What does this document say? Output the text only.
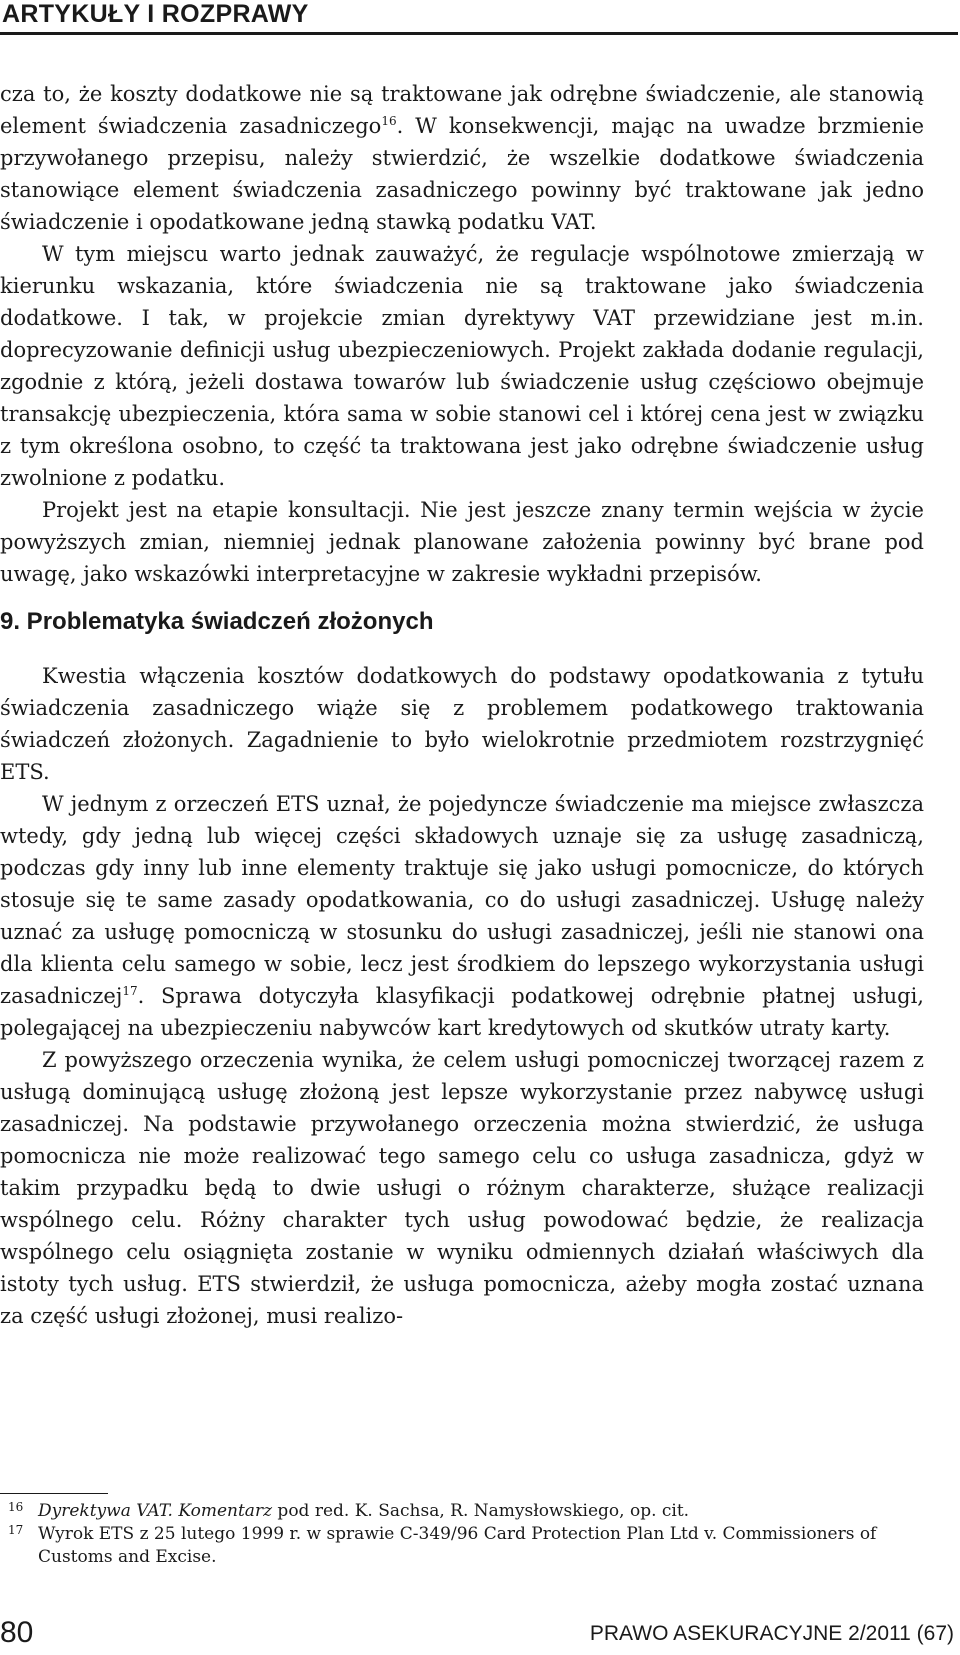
ARTYKUŁY I ROZPRAWY

cza to, że koszty dodatkowe nie są traktowane jak odrębne świadczenie, ale stanowią element świadczenia zasadniczego$^{16}$. W konsekwencji, mając na uwadze brzmienie przywołanego przepisu, należy stwierdzić, że wszelkie dodatkowe świadczenia stanowiące element świadczenia zasadniczego powinny być traktowane jak jedno świadczenie i opodatkowane jedną stawką podatku VAT.

W tym miejscu warto jednak zauważyć, że regulacje wspólnotowe zmierzają w kierunku wskazania, które świadczenia nie są traktowane jako świadczenia dodatkowe. I tak, w projekcie zmian dyrektywy VAT przewidziane jest m.in. doprecyzowanie definicji usług ubezpieczeniowych. Projekt zakłada dodanie regulacji, zgodnie z którą, jeżeli dostawa towarów lub świadczenie usług częściowo obejmuje transakcję ubezpieczenia, która sama w sobie stanowi cel i której cena jest w związku z tym określona osobno, to część ta traktowana jest jako odrębne świadczenie usług zwolnione z podatku.

Projekt jest na etapie konsultacji. Nie jest jeszcze znany termin wejścia w życie powyższych zmian, niemniej jednak planowane założenia powinny być brane pod uwagę, jako wskazówki interpretacyjne w zakresie wykładni przepisów.

9. Problematyka świadczeń złożonych

Kwestia włączenia kosztów dodatkowych do podstawy opodatkowania z tytułu świadczenia zasadniczego wiąże się z problemem podatkowego traktowania świadczeń złożonych. Zagadnienie to było wielokrotnie przedmiotem rozstrzygnięć ETS.

W jednym z orzeczeń ETS uznał, że pojedyncze świadczenie ma miejsce zwłaszcza wtedy, gdy jedną lub więcej części składowych uznaje się za usługę zasadniczą, podczas gdy inny lub inne elementy traktuje się jako usługi pomocnicze, do których stosuje się te same zasady opodatkowania, co do usługi zasadniczej. Usługę należy uznać za usługę pomocniczą w stosunku do usługi zasadniczej, jeśli nie stanowi ona dla klienta celu samego w sobie, lecz jest środkiem do lepszego wykorzystania usługi zasadniczej$^{17}$. Sprawa dotyczyła klasyfikacji podatkowej odrębnie płatnej usługi, polegającej na ubezpieczeniu nabywców kart kredytowych od skutków utraty karty.

Z powyższego orzeczenia wynika, że celem usługi pomocniczej tworzącej razem z usługą dominującą usługę złożoną jest lepsze wykorzystanie przez nabywcę usługi zasadniczej. Na podstawie przywołanego orzeczenia można stwierdzić, że usługa pomocnicza nie może realizować tego samego celu co usługa zasadnicza, gdyż w takim przypadku będą to dwie usługi o różnym charakterze, służące realizacji wspólnego celu. Różny charakter tych usług powodować będzie, że realizacja wspólnego celu osiągnięta zostanie w wyniku odmiennych działań właściwych dla istoty tych usług. ETS stwierdził, że usługa pomocnicza, ażeby mogła zostać uznana za część usługi złożonej, musi realizo-

16 Dyrektywa VAT. Komentarz pod red. K. Sachsa, R. Namysłowskiego, op. cit.
17 Wyrok ETS z 25 lutego 1999 r. w sprawie C-349/96 Card Protection Plan Ltd v. Commissioners of Customs and Excise.
80	PRAWO ASEKURACYJNE 2/2011 (67)
